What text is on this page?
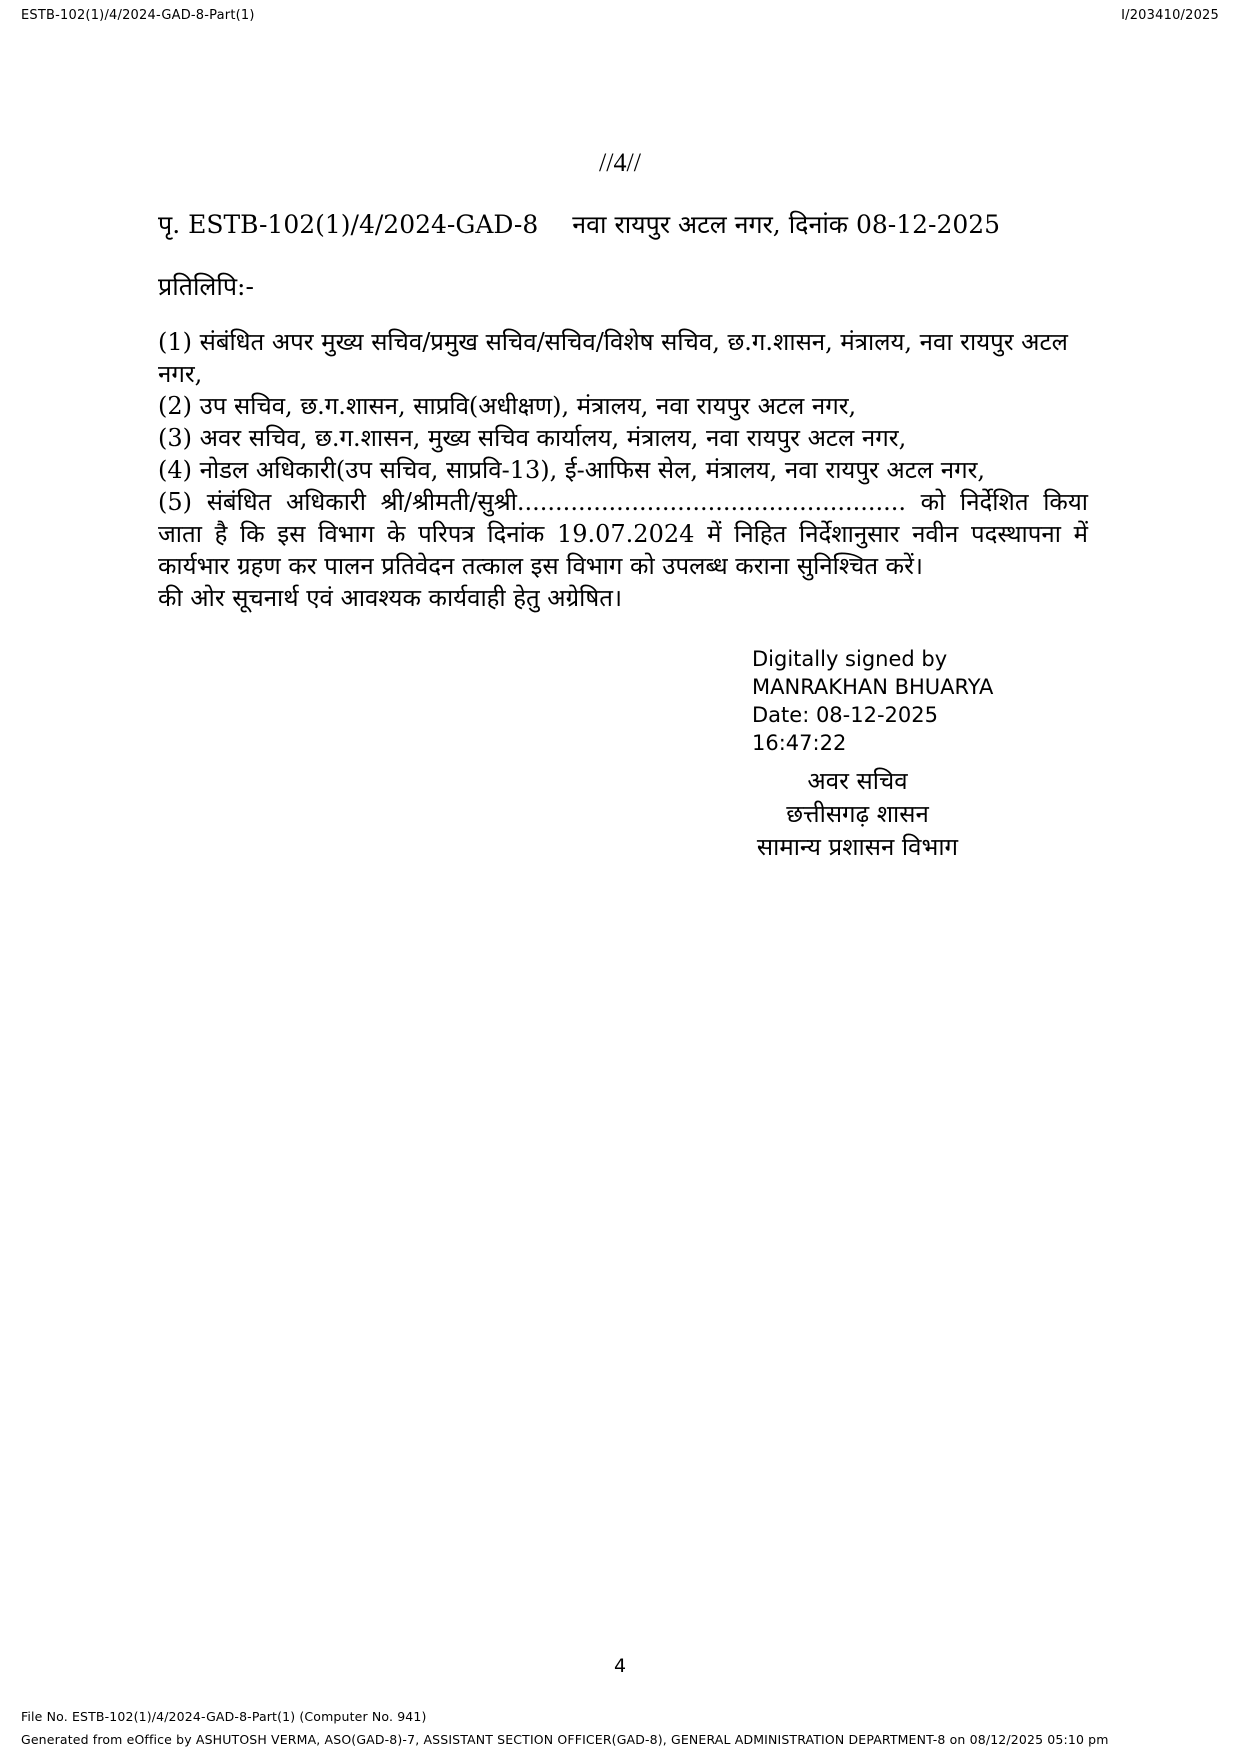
ESTB-102(1)/4/2024-GAD-8-Part(1)	I/203410/2025
//4//
पृ. ESTB-102(1)/4/2024-GAD-8 नवा रायपुर अटल नगर, दिनांक 08-12-2025
प्रतिलिपि:-

(1) संबंधित अपर मुख्य सचिव/प्रमुख सचिव/सचिव/विशेष सचिव, छ.ग.शासन, मंत्रालय, नवा रायपुर अटल नगर,

(2) उप सचिव, छ.ग.शासन, साप्रवि(अधीक्षण), मंत्रालय, नवा रायपुर अटल नगर,

(3) अवर सचिव, छ.ग.शासन, मुख्य सचिव कार्यालय, मंत्रालय, नवा रायपुर अटल नगर,

(4) नोडल अधिकारी(उप सचिव, साप्रवि-13), ई-आफिस सेल, मंत्रालय, नवा रायपुर अटल नगर,

(5) संबंधित अधिकारी श्री/श्रीमती/सुश्री................................................... को निर्देशित किया जाता है कि इस विभाग के परिपत्र दिनांक 19.07.2024 में निहित निर्देशानुसार नवीन पदस्थापना में कार्यभार ग्रहण कर पालन प्रतिवेदन तत्काल इस विभाग को उपलब्ध कराना सुनिश्चित करें।

की ओर सूचनार्थ एवं आवश्यक कार्यवाही हेतु अग्रेषित।

Digitally signed by
MANRAKHAN BHUARYA
Date: 08-12-2025
16:47:22
अवर सचिव
छत्तीसगढ़ शासन
सामान्य प्रशासन विभाग
4
File No. ESTB-102(1)/4/2024-GAD-8-Part(1) (Computer No. 941)
Generated from eOffice by ASHUTOSH VERMA, ASO(GAD-8)-7, ASSISTANT SECTION OFFICER(GAD-8), GENERAL ADMINISTRATION DEPARTMENT-8 on 08/12/2025 05:10 pm
